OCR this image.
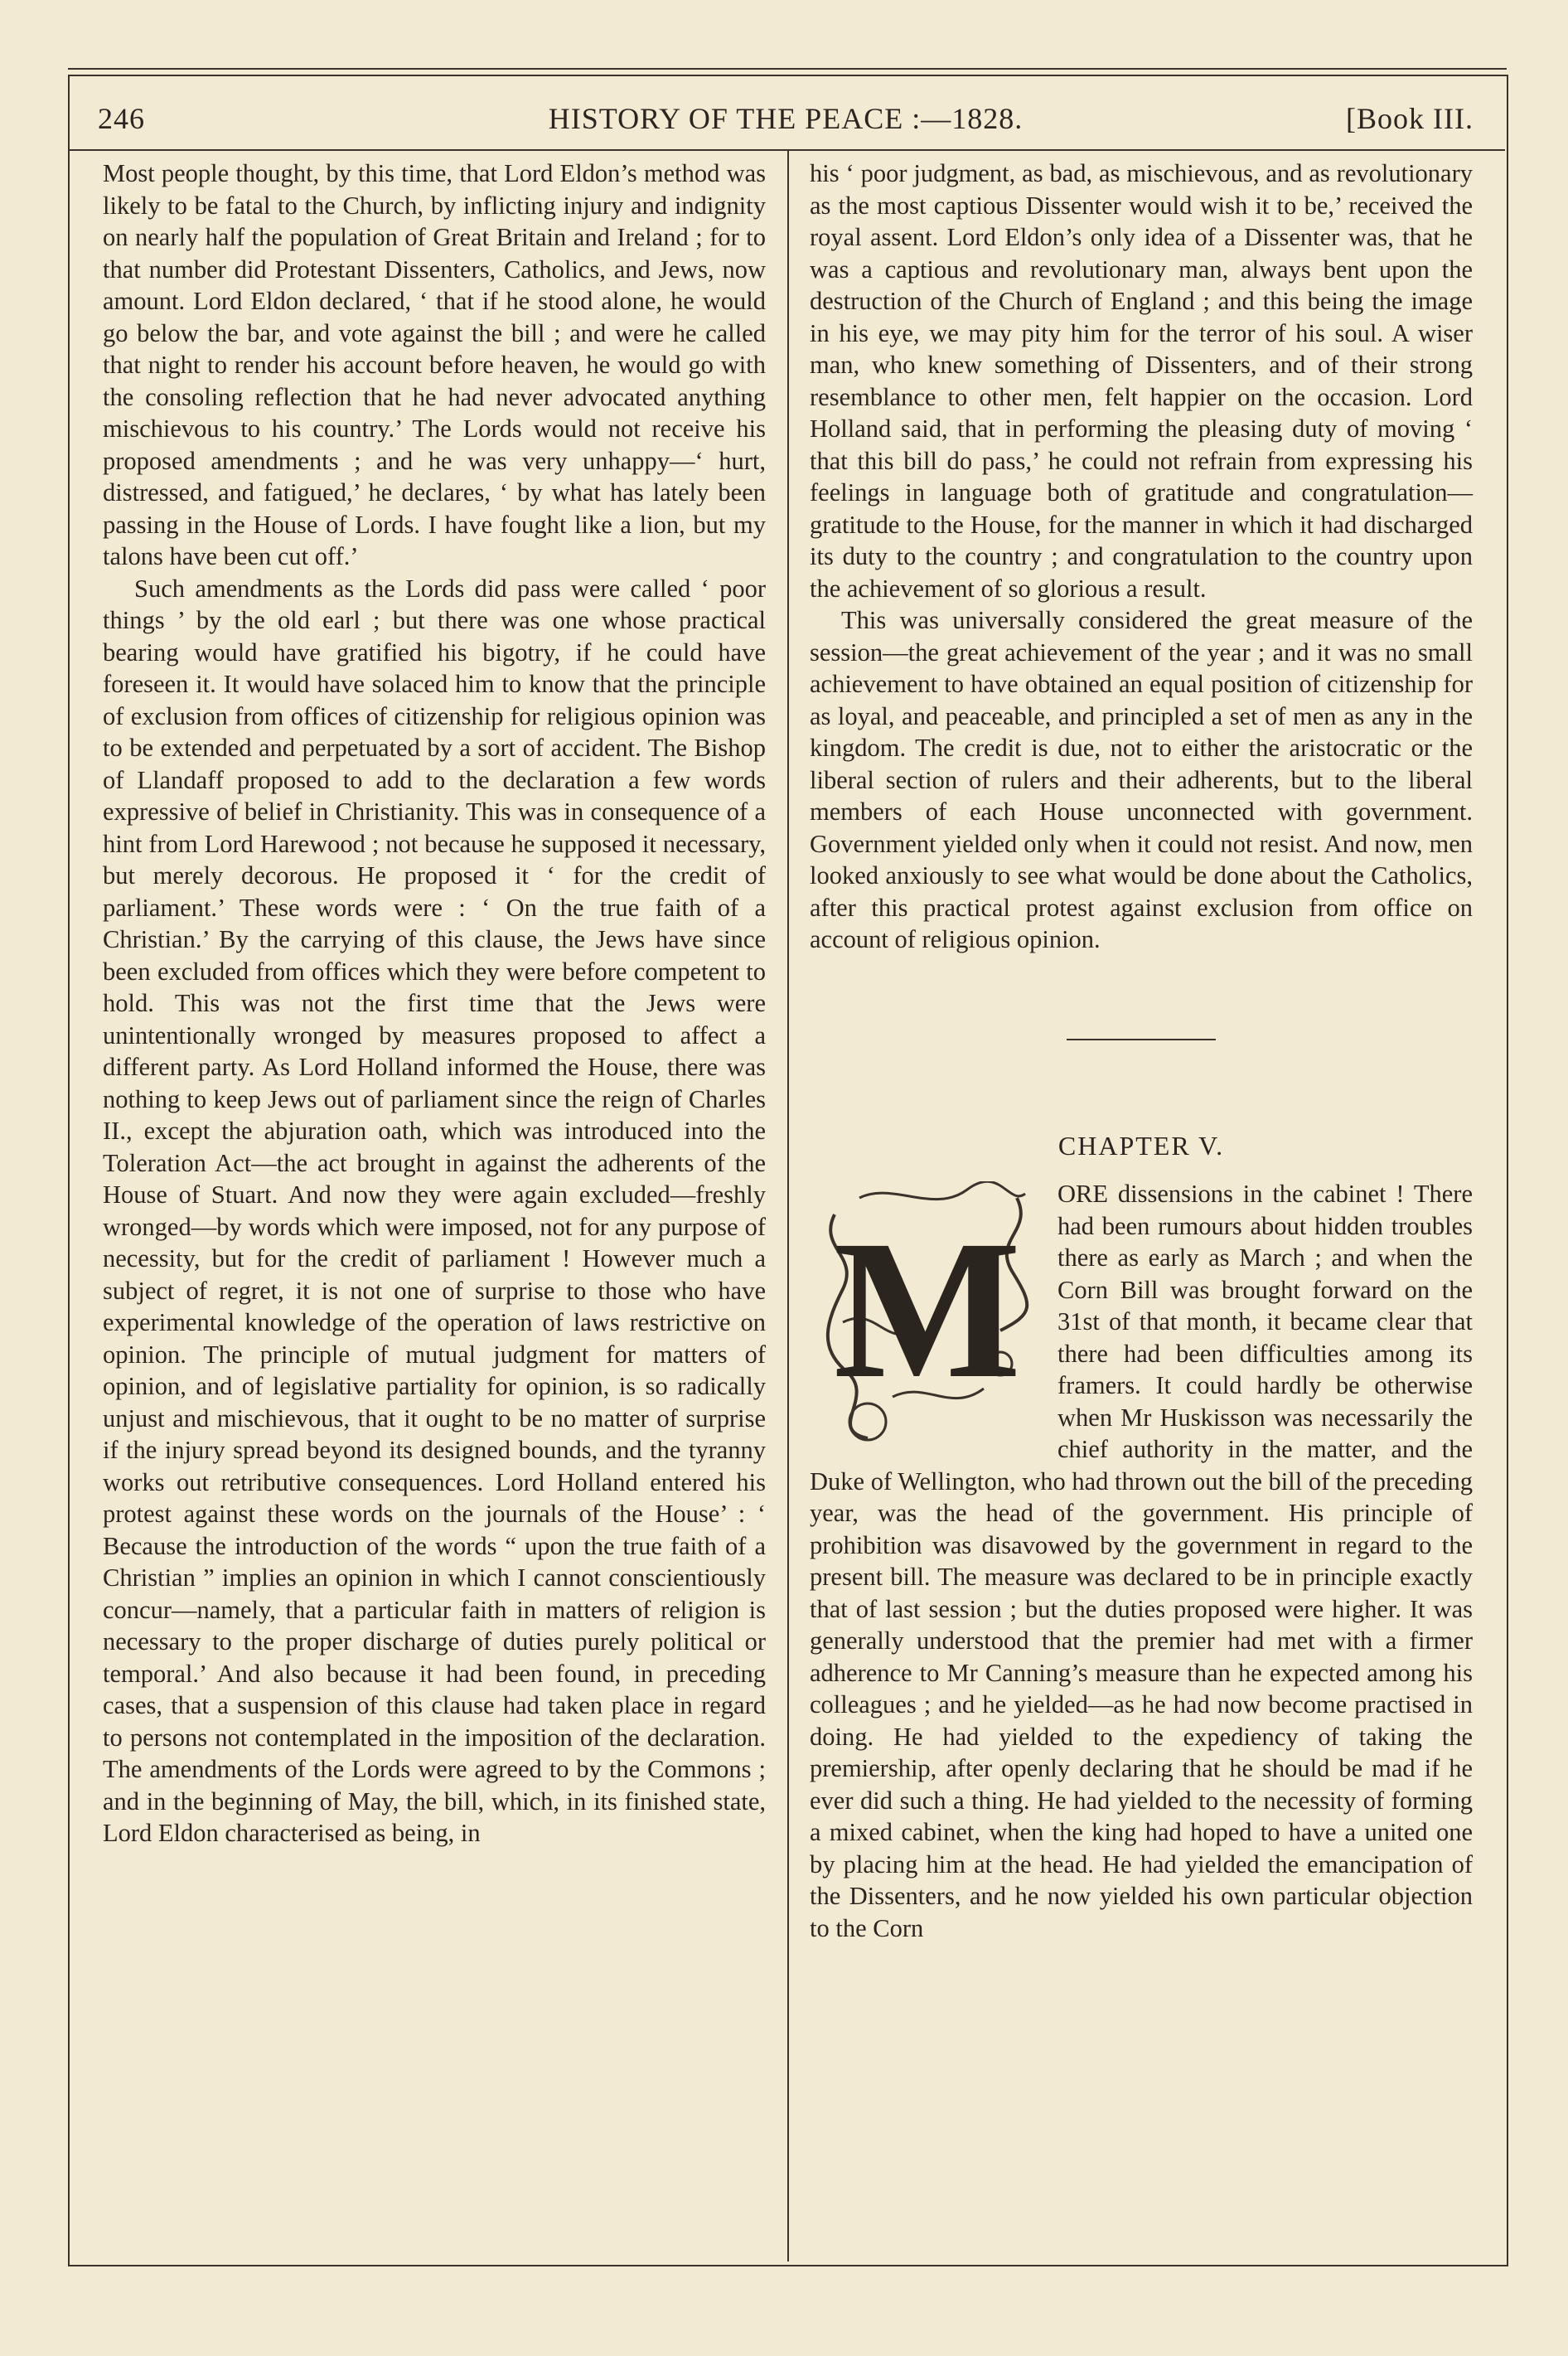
HISTORY OF THE PEACE :—1828.
246	[Book III.

Most people thought, by this time, that Lord Eldon’s method was likely to be fatal to the Church, by inflicting injury and indignity on nearly half the population of Great Britain and Ireland ; for to that number did Protestant Dissenters, Catholics, and Jews, now amount. Lord Eldon declared, ‘ that if he stood alone, he would go below the bar, and vote against the bill ; and were he called that night to render his account before heaven, he would go with the consoling reflection that he had never advocated anything mischievous to his country.’ The Lords would not receive his proposed amendments ; and he was very unhappy—‘ hurt, distressed, and fatigued,’ he declares, ‘ by what has lately been passing in the House of Lords. I have fought like a lion, but my talons have been cut off.’

Such amendments as the Lords did pass were called ‘ poor things ’ by the old earl ; but there was one whose practical bearing would have gratified his bigotry, if he could have foreseen it. It would have solaced him to know that the principle of exclusion from offices of citizenship for religious opinion was to be extended and perpetuated by a sort of accident. The Bishop of Llandaff proposed to add to the declaration a few words expressive of belief in Christianity. This was in consequence of a hint from Lord Harewood ; not because he supposed it necessary, but merely decorous. He proposed it ‘ for the credit of parliament.’ These words were : ‘ On the true faith of a Christian.’ By the carrying of this clause, the Jews have since been excluded from offices which they were before competent to hold. This was not the first time that the Jews were unintentionally wronged by measures proposed to affect a different party. As Lord Holland informed the House, there was nothing to keep Jews out of parliament since the reign of Charles II., except the abjuration oath, which was introduced into the Toleration Act—the act brought in against the adherents of the House of Stuart. And now they were again excluded—freshly wronged—by words which were imposed, not for any purpose of necessity, but for the credit of parliament ! However much a subject of regret, it is not one of surprise to those who have experimental knowledge of the operation of laws restrictive on opinion. The principle of mutual judgment for matters of opinion, and of legislative partiality for opinion, is so radically unjust and mischievous, that it ought to be no matter of surprise if the injury spread beyond its designed bounds, and the tyranny works out retributive consequences. Lord Holland entered his protest against these words on the journals of the House’ : ‘ Because the introduction of the words “ upon the true faith of a Christian ” implies an opinion in which I cannot conscientiously concur—namely, that a particular faith in matters of religion is necessary to the proper discharge of duties purely political or temporal.’ And also because it had been found, in preceding cases, that a suspension of this clause had taken place in regard to persons not contemplated in the imposition of the declaration. The amendments of the Lords were agreed to by the Commons ; and in the beginning of May, the bill, which, in its finished state, Lord Eldon characterised as being, in

his ‘ poor judgment, as bad, as mischievous, and as revolutionary as the most captious Dissenter would wish it to be,’ received the royal assent. Lord Eldon’s only idea of a Dissenter was, that he was a captious and revolutionary man, always bent upon the destruction of the Church of England ; and this being the image in his eye, we may pity him for the terror of his soul. A wiser man, who knew something of Dissenters, and of their strong resemblance to other men, felt happier on the occasion. Lord Holland said, that in performing the pleasing duty of moving ‘ that this bill do pass,’ he could not refrain from expressing his feelings in language both of gratitude and congratulation—gratitude to the House, for the manner in which it had discharged its duty to the country ; and congratulation to the country upon the achievement of so glorious a result.

This was universally considered the great measure of the session—the great achievement of the year ; and it was no small achievement to have obtained an equal position of citizenship for as loyal, and peaceable, and principled a set of men as any in the kingdom. The credit is due, not to either the aristocratic or the liberal section of rulers and their adherents, but to the liberal members of each House unconnected with government. Government yielded only when it could not resist. And now, men looked anxiously to see what would be done about the Catholics, after this practical protest against exclusion from office on account of religious opinion.

CHAPTER V.
M

ORE dissensions in the cabinet ! There had been rumours about hidden troubles there as early as March ; and when the Corn Bill was brought forward on the 31st of that month, it became clear that there had been difficulties among its framers. It could hardly be otherwise when Mr Huskisson was necessarily the chief authority in the matter, and the Duke of Wellington, who had thrown out the bill of the preceding year, was the head of the government. His principle of prohibition was disavowed by the government in regard to the present bill. The measure was declared to be in principle exactly that of last session ; but the duties proposed were higher. It was generally understood that the premier had met with a firmer adherence to Mr Canning’s measure than he expected among his colleagues ; and he yielded—as he had now become practised in doing. He had yielded to the expediency of taking the premiership, after openly declaring that he should be mad if he ever did such a thing. He had yielded to the necessity of forming a mixed cabinet, when the king had hoped to have a united one by placing him at the head. He had yielded the emancipation of the Dissenters, and he now yielded his own particular objection to the Corn
